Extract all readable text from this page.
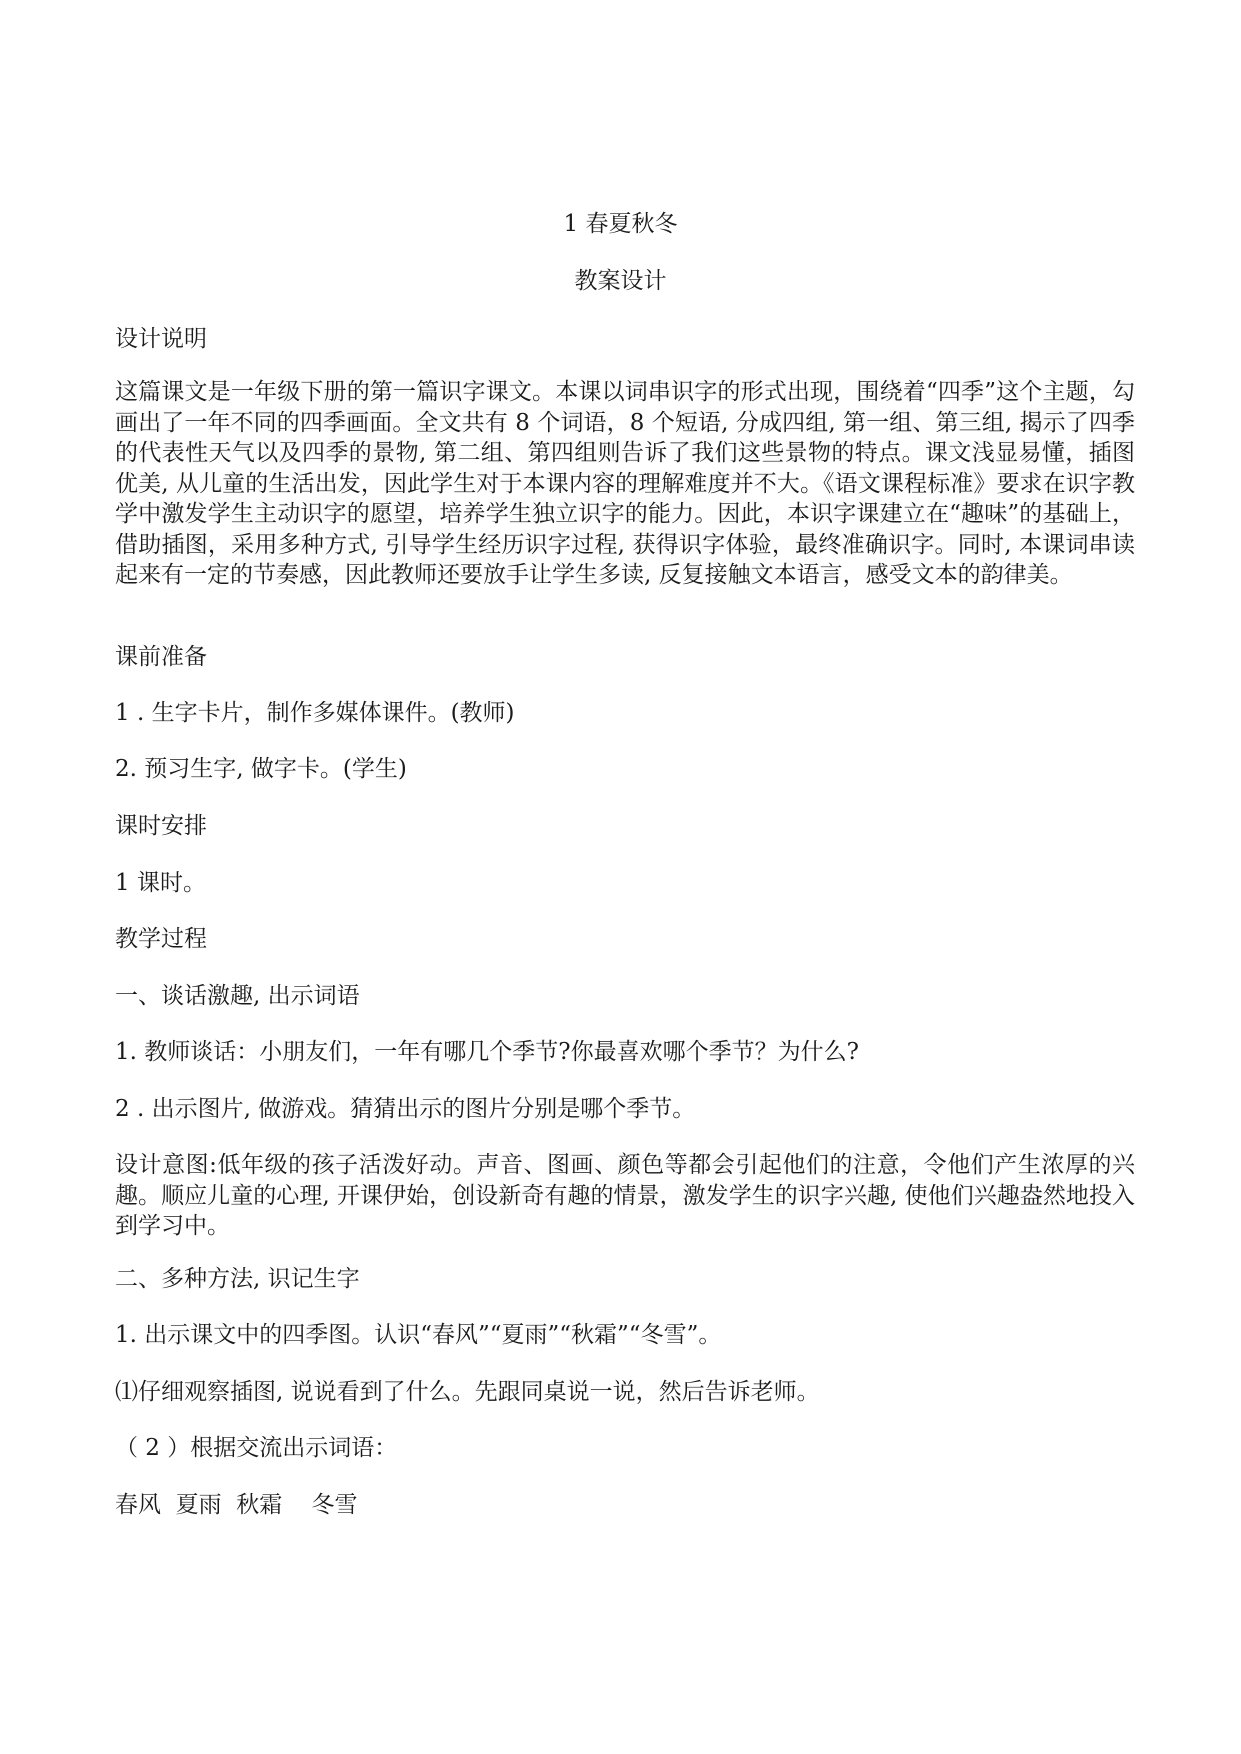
1 春夏秋冬
教案设计
设计说明
这篇课文是一年级下册的第一篇识字课文。本课以词串识字的形式出现，围绕着“四季”这个主题，勾画出了一年不同的四季画面。全文共有 8 个词语，8 个短语, 分成四组, 第一组、第三组, 揭示了四季的代表性天气以及四季的景物, 第二组、第四组则告诉了我们这些景物的特点。课文浅显易懂，插图优美, 从儿童的生活出发，因此学生对于本课内容的理解难度并不大。《语文课程标准》要求在识字教学中激发学生主动识字的愿望，培养学生独立识字的能力。因此，本识字课建立在“趣味”的基础上，借助插图，采用多种方式, 引导学生经历识字过程, 获得识字体验，最终准确识字。同时, 本课词串读起来有一定的节奏感，因此教师还要放手让学生多读, 反复接触文本语言，感受文本的韵律美。
课前准备
1 . 生字卡片，制作多媒体课件。(教师)
2. 预习生字, 做字卡。(学生)
课时安排
1 课时。
教学过程
一、谈话激趣, 出示词语
1. 教师谈话：小朋友们，一年有哪几个季节?你最喜欢哪个季节？为什么?
2 . 出示图片, 做游戏。猜猜出示的图片分别是哪个季节。
设计意图:低年级的孩子活泼好动。声音、图画、颜色等都会引起他们的注意，令他们产生浓厚的兴趣。顺应儿童的心理, 开课伊始，创设新奇有趣的情景，激发学生的识字兴趣, 使他们兴趣盎然地投入到学习中。
二、多种方法, 识记生字
1. 出示课文中的四季图。认识“春风”“夏雨”“秋霜”“冬雪”。
⑴仔细观察插图, 说说看到了什么。先跟同桌说一说，然后告诉老师。
（ 2 ）根据交流出示词语：
春风  夏雨  秋霜    冬雪
